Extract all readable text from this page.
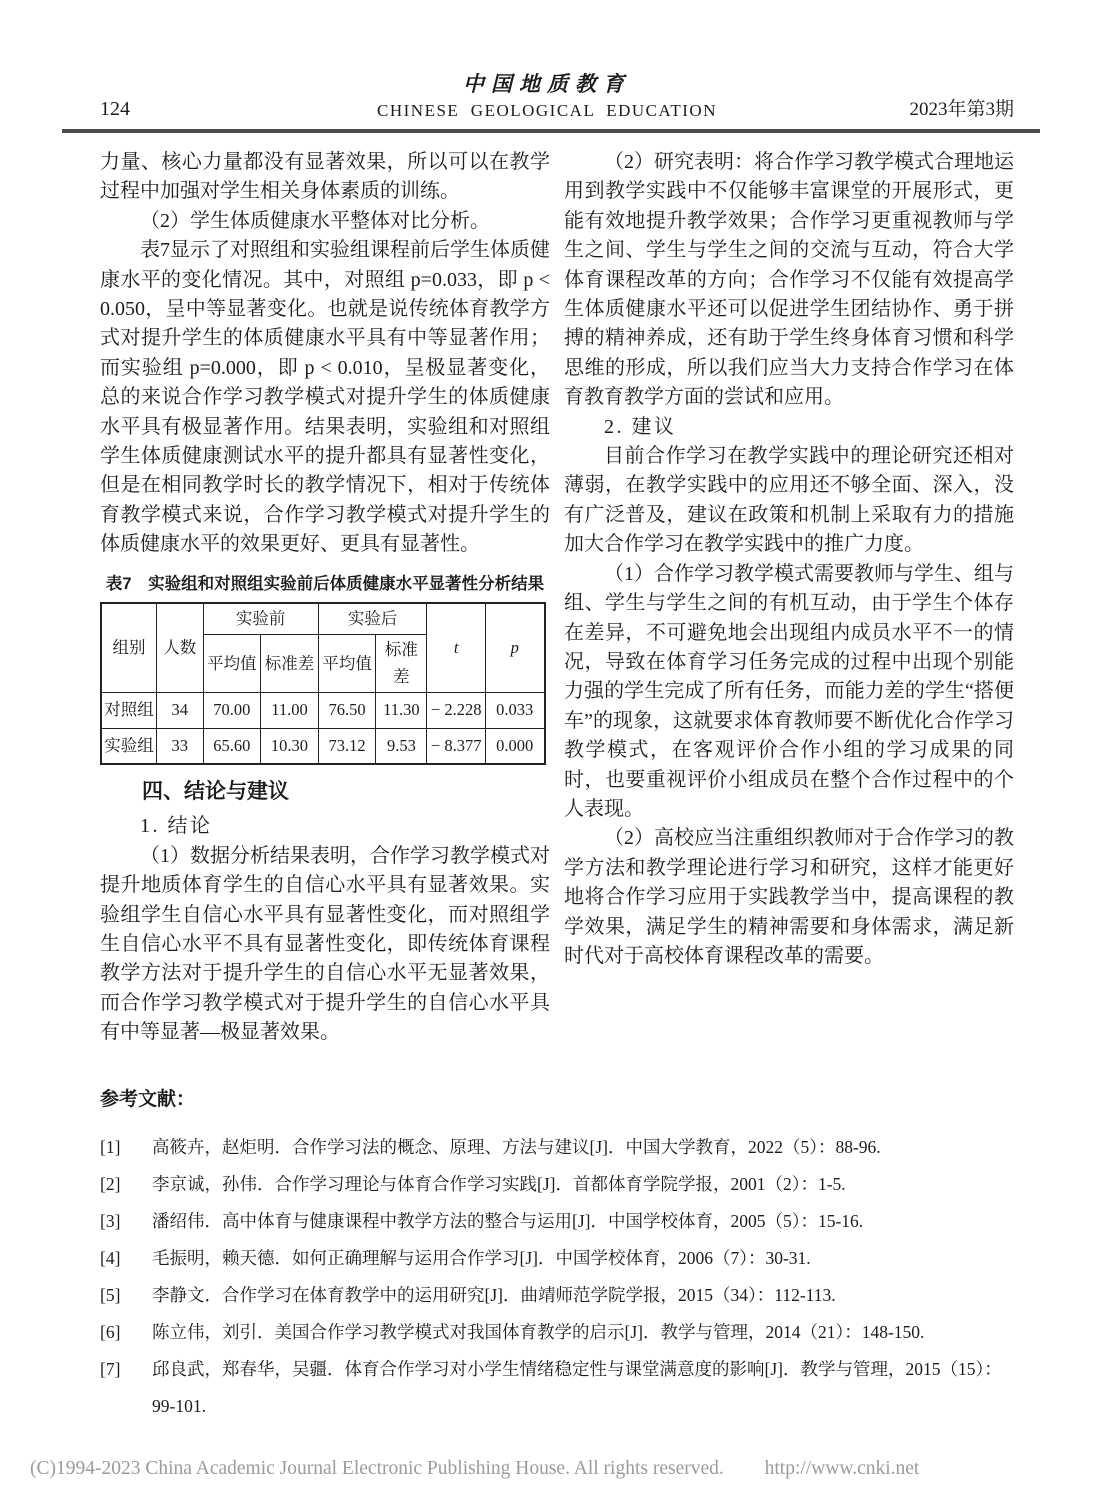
124
中国地质教育
CHINESE  GEOLOGICAL  EDUCATION	2023年第3期

力量、核心力量都没有显著效果，所以可以在教学过程中加强对学生相关身体素质的训练。

（2）学生体质健康水平整体对比分析。

表7显示了对照组和实验组课程前后学生体质健康水平的变化情况。其中，对照组 p=0.033，即 p < 0.050，呈中等显著变化。也就是说传统体育教学方式对提升学生的体质健康水平具有中等显著作用；而实验组 p=0.000，即 p < 0.010，呈极显著变化，总的来说合作学习教学模式对提升学生的体质健康水平具有极显著作用。结果表明，实验组和对照组学生体质健康测试水平的提升都具有显著性变化，但是在相同教学时长的教学情况下，相对于传统体育教学模式来说，合作学习教学模式对提升学生的体质健康水平的效果更好、更具有显著性。

表7　实验组和对照组实验前后体质健康水平显著性分析结果
组别	人数	实验前		实验后		t	p
		平均值	标准差	平均值	标准差		
对照组	34	70.00	11.00	76.50	11.30	− 2.228	0.033
实验组	33	65.60	10.30	73.12	9.53	− 8.377	0.000
四、结论与建议
1. 结论

（1）数据分析结果表明，合作学习教学模式对提升地质体育学生的自信心水平具有显著效果。实验组学生自信心水平具有显著性变化，而对照组学生自信心水平不具有显著性变化，即传统体育课程教学方法对于提升学生的自信心水平无显著效果，而合作学习教学模式对于提升学生的自信心水平具有中等显著—极显著效果。

（2）研究表明：将合作学习教学模式合理地运用到教学实践中不仅能够丰富课堂的开展形式，更能有效地提升教学效果；合作学习更重视教师与学生之间、学生与学生之间的交流与互动，符合大学体育课程改革的方向；合作学习不仅能有效提高学生体质健康水平还可以促进学生团结协作、勇于拼搏的精神养成，还有助于学生终身体育习惯和科学思维的形成，所以我们应当大力支持合作学习在体育教育教学方面的尝试和应用。

2. 建议

目前合作学习在教学实践中的理论研究还相对薄弱，在教学实践中的应用还不够全面、深入，没有广泛普及，建议在政策和机制上采取有力的措施加大合作学习在教学实践中的推广力度。

（1）合作学习教学模式需要教师与学生、组与组、学生与学生之间的有机互动，由于学生个体存在差异，不可避免地会出现组内成员水平不一的情况，导致在体育学习任务完成的过程中出现个别能力强的学生完成了所有任务，而能力差的学生“搭便车”的现象，这就要求体育教师要不断优化合作学习教学模式，在客观评价合作小组的学习成果的同时，也要重视评价小组成员在整个合作过程中的个人表现。

（2）高校应当注重组织教师对于合作学习的教学方法和教学理论进行学习和研究，这样才能更好地将合作学习应用于实践教学当中，提高课程的教学效果，满足学生的精神需要和身体需求，满足新时代对于高校体育课程改革的需要。

参考文献：
[1]	高筱卉，赵炬明．合作学习法的概念、原理、方法与建议[J]．中国大学教育，2022（5）：88-96.
[2]	李京诚，孙伟．合作学习理论与体育合作学习实践[J]．首都体育学院学报，2001（2）：1-5.
[3]	潘绍伟．高中体育与健康课程中教学方法的整合与运用[J]．中国学校体育，2005（5）：15-16.
[4]	毛振明，赖天德．如何正确理解与运用合作学习[J]．中国学校体育，2006（7）：30-31.
[5]	李静文．合作学习在体育教学中的运用研究[J]．曲靖师范学院学报，2015（34）：112-113.
[6]	陈立伟，刘引．美国合作学习教学模式对我国体育教学的启示[J]．教学与管理，2014（21）：148-150.
[7]	邱良武，郑春华，吴疆．体育合作学习对小学生情绪稳定性与课堂满意度的影响[J]．教学与管理，2015（15）：99-101.
(C)1994-2023 China Academic Journal Electronic Publishing House. All rights reserved. http://www.cnki.net
